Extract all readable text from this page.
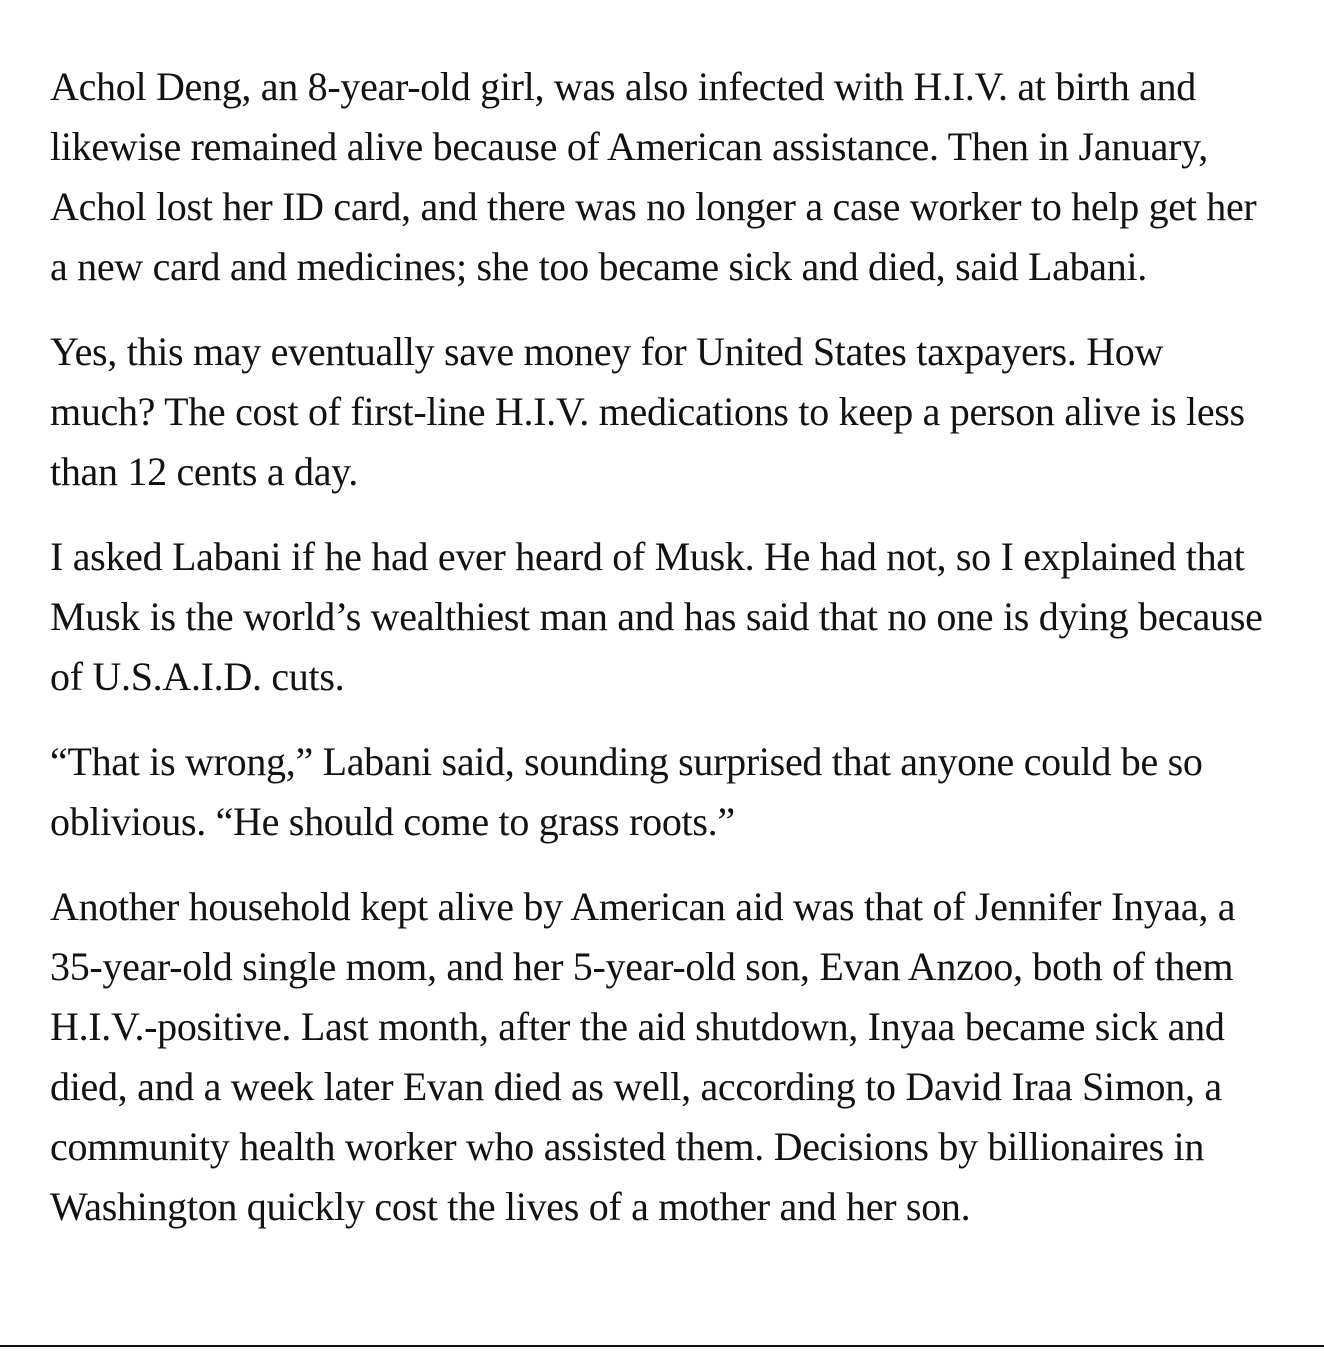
Achol Deng, an 8-year-old girl, was also infected with H.I.V. at birth and likewise remained alive because of American assistance. Then in January, Achol lost her ID card, and there was no longer a case worker to help get her a new card and medicines; she too became sick and died, said Labani.

Yes, this may eventually save money for United States taxpayers. How much? The cost of first-line H.I.V. medications to keep a person alive is less than 12 cents a day.

I asked Labani if he had ever heard of Musk. He had not, so I explained that Musk is the world’s wealthiest man and has said that no one is dying because of U.S.A.I.D. cuts.

“That is wrong,” Labani said, sounding surprised that anyone could be so oblivious. “He should come to grass roots.”

Another household kept alive by American aid was that of Jennifer Inyaa, a 35-year-old single mom, and her 5-year-old son, Evan Anzoo, both of them H.I.V.-positive. Last month, after the aid shutdown, Inyaa became sick and died, and a week later Evan died as well, according to David Iraa Simon, a community health worker who assisted them. Decisions by billionaires in Washington quickly cost the lives of a mother and her son.
